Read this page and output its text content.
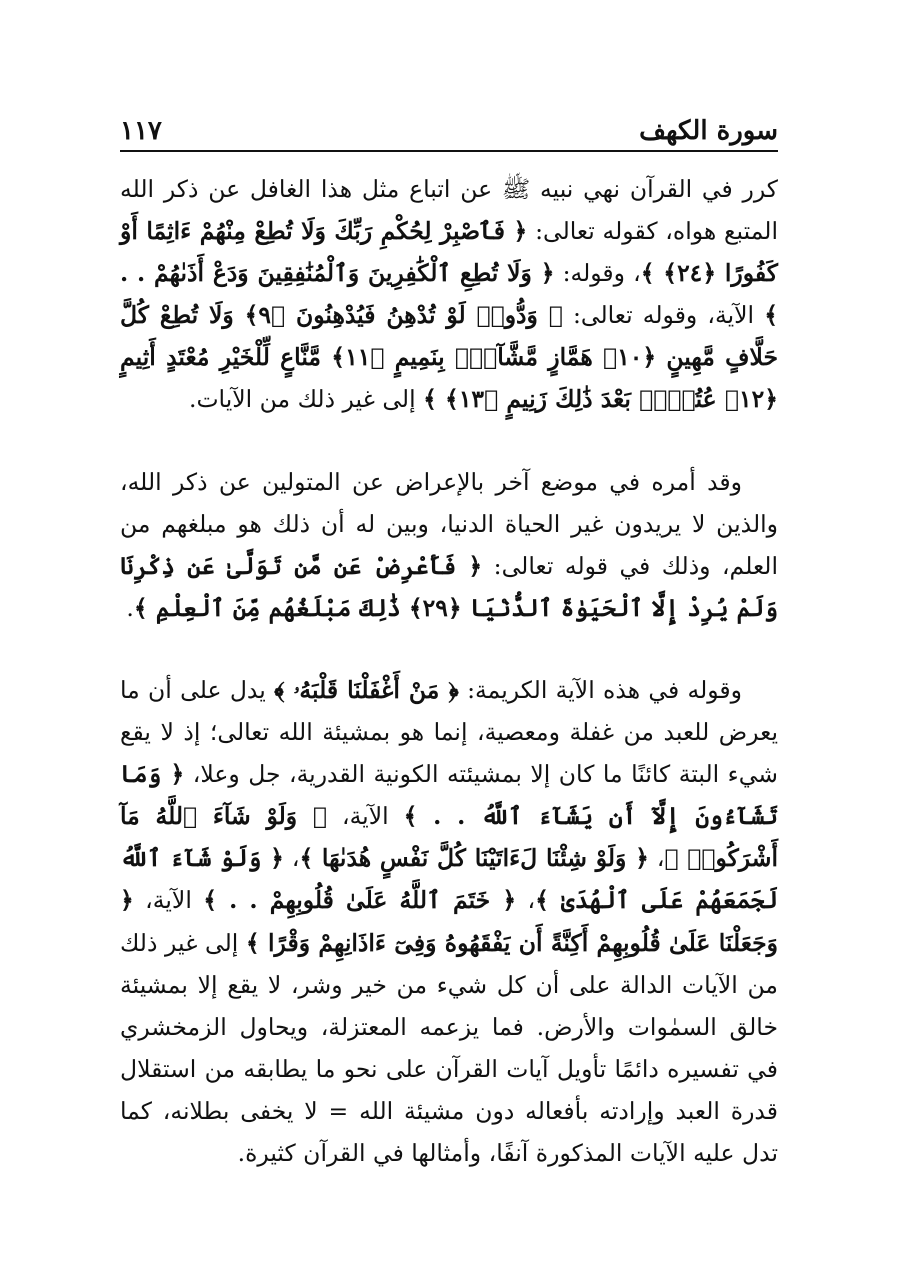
سورة الكهف
١١٧

كرر في القرآن نهي نبيه ﷺ عن اتباع مثل هذا الغافل عن ذكر الله المتبع هواه، كقوله تعالى: ﴿ فَٱصْبِرْ لِحُكْمِ رَبِّكَ وَلَا تُطِعْ مِنْهُمْ ءَاثِمًا أَوْ كَفُورًا ﴿٢٤﴾ ﴾، وقوله: ﴿ وَلَا تُطِعِ ٱلْكَٰفِرِينَ وَٱلْمُنَٰفِقِينَ وَدَعْ أَذَىٰهُمْ . . ﴾ الآية، وقوله تعالى: ﴿ وَدُّوا۟ لَوْ تُدْهِنُ فَيُدْهِنُونَ ﴿٩﴾ وَلَا تُطِعْ كُلَّ حَلَّافٍ مَّهِينٍ ﴿١٠﴾ هَمَّازٍ مَّشَّآءٍۭ بِنَمِيمٍ ﴿١١﴾ مَّنَّاعٍ لِّلْخَيْرِ مُعْتَدٍ أَثِيمٍ ﴿١٢﴾ عُتُلٍّۭ بَعْدَ ذَٰلِكَ زَنِيمٍ ﴿١٣﴾ ﴾ إلى غير ذلك من الآيات.

وقد أمره في موضع آخر بالإعراض عن المتولين عن ذكر الله، والذين لا يريدون غير الحياة الدنيا، وبين له أن ذلك هو مبلغهم من العلم، وذلك في قوله تعالى: ﴿ فَأَعْرِضْ عَن مَّن تَوَلَّىٰ عَن ذِكْرِنَا وَلَمْ يُرِدْ إِلَّا ٱلْحَيَوٰةَ ٱلدُّنْيَا ﴿٢٩﴾ ذَٰلِكَ مَبْلَغُهُم مِّنَ ٱلْعِلْمِ ﴾.

وقوله في هذه الآية الكريمة: ﴿ مَنْ أَغْفَلْنَا قَلْبَهُۥ ﴾ يدل على أن ما يعرض للعبد من غفلة ومعصية، إنما هو بمشيئة الله تعالى؛ إذ لا يقع شيء البتة كائنًا ما كان إلا بمشيئته الكونية القدرية، جل وعلا، ﴿ وَمَا تَشَآءُونَ إِلَّآ أَن يَشَآءَ ٱللَّهُ . . ﴾ الآية، ﴿ وَلَوْ شَآءَ ٱللَّهُ مَآ أَشْرَكُوا۟ ﴾، ﴿ وَلَوْ شِئْنَا لَءَاتَيْنَا كُلَّ نَفْسٍ هُدَىٰهَا ﴾، ﴿ وَلَوْ شَآءَ ٱللَّهُ لَجَمَعَهُمْ عَلَى ٱلْهُدَىٰ ﴾، ﴿ خَتَمَ ٱللَّهُ عَلَىٰ قُلُوبِهِمْ . . ﴾ الآية، ﴿ وَجَعَلْنَا عَلَىٰ قُلُوبِهِمْ أَكِنَّةً أَن يَفْقَهُوهُ وَفِىٓ ءَاذَانِهِمْ وَقْرًا ﴾ إلى غير ذلك من الآيات الدالة على أن كل شيء من خير وشر، لا يقع إلا بمشيئة خالق السمٰوات والأرض. فما يزعمه المعتزلة، ويحاول الزمخشري في تفسيره دائمًا تأويل آيات القرآن على نحو ما يطابقه من استقلال قدرة العبد وإرادته بأفعاله دون مشيئة الله = لا يخفى بطلانه، كما تدل عليه الآيات المذكورة آنفًا، وأمثالها في القرآن كثيرة.
